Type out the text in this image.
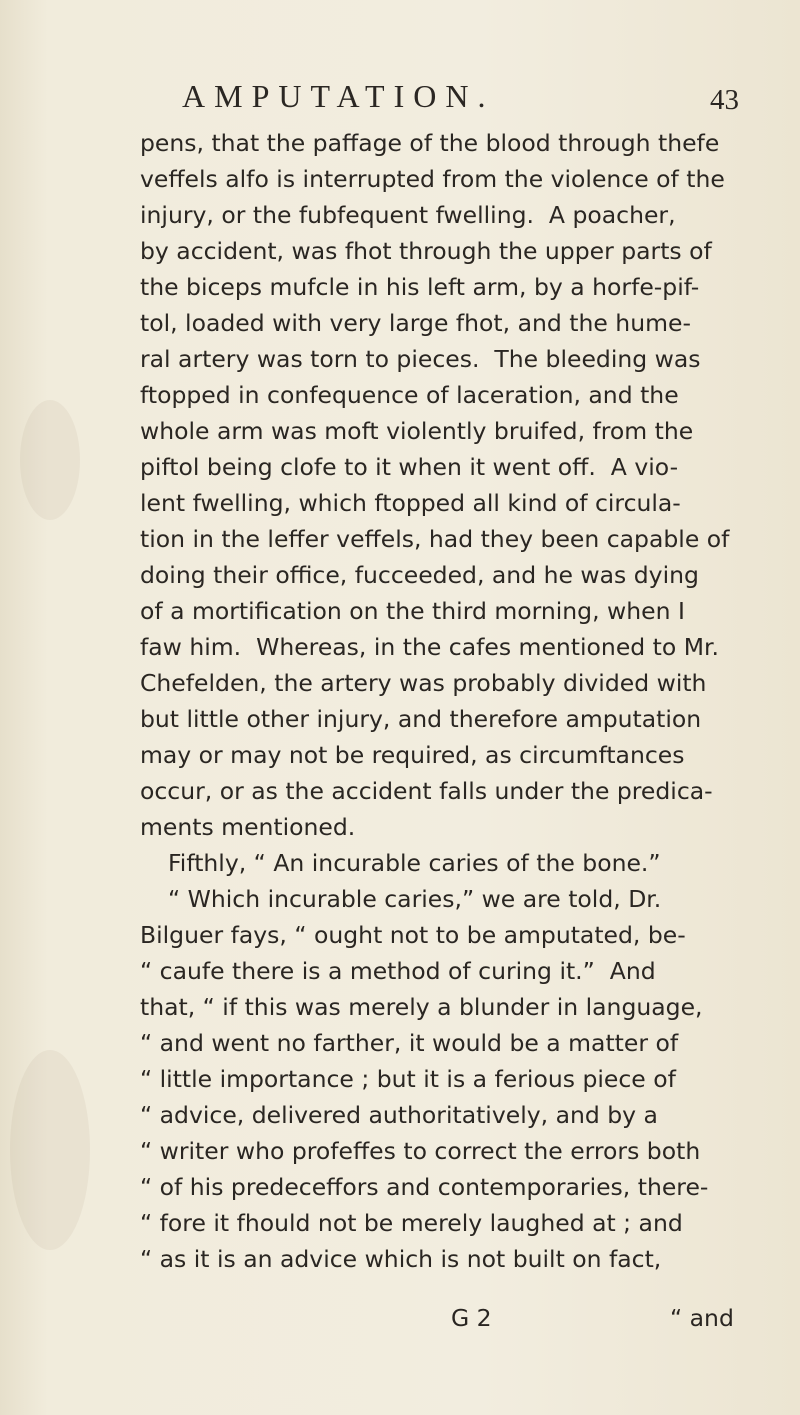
AMPUTATION.	43
pens, that the paffage of the blood through thefe
veffels alfo is interrupted from the violence of the
injury, or the fubfequent fwelling.  A poacher,
by accident, was fhot through the upper parts of
the biceps mufcle in his left arm, by a horfe-pif-
tol, loaded with very large fhot, and the hume-
ral artery was torn to pieces.  The bleeding was
ftopped in confequence of laceration, and the
whole arm was moft violently bruifed, from the
piftol being clofe to it when it went off.  A vio-
lent fwelling, which ftopped all kind of circula-
tion in the leffer veffels, had they been capable of
doing their office, fucceeded, and he was dying
of a mortification on the third morning, when I
faw him.  Whereas, in the cafes mentioned to Mr.
Chefelden, the artery was probably divided with
but little other injury, and therefore amputation
may or may not be required, as circumftances
occur, or as the accident falls under the predica-
ments mentioned.
Fifthly, “ An incurable caries of the bone.”
“ Which incurable caries,” we are told, Dr.
Bilguer fays, “ ought not to be amputated, be-
“ caufe there is a method of curing it.”  And
that, “ if this was merely a blunder in language,
“ and went no farther, it would be a matter of
“ little importance ; but it is a ferious piece of
“ advice, delivered authoritatively, and by a
“ writer who profeffes to correct the errors both
“ of his predeceffors and contemporaries, there-
“ fore it fhould not be merely laughed at ; and
“ as it is an advice which is not built on fact,
G 2	“ and
